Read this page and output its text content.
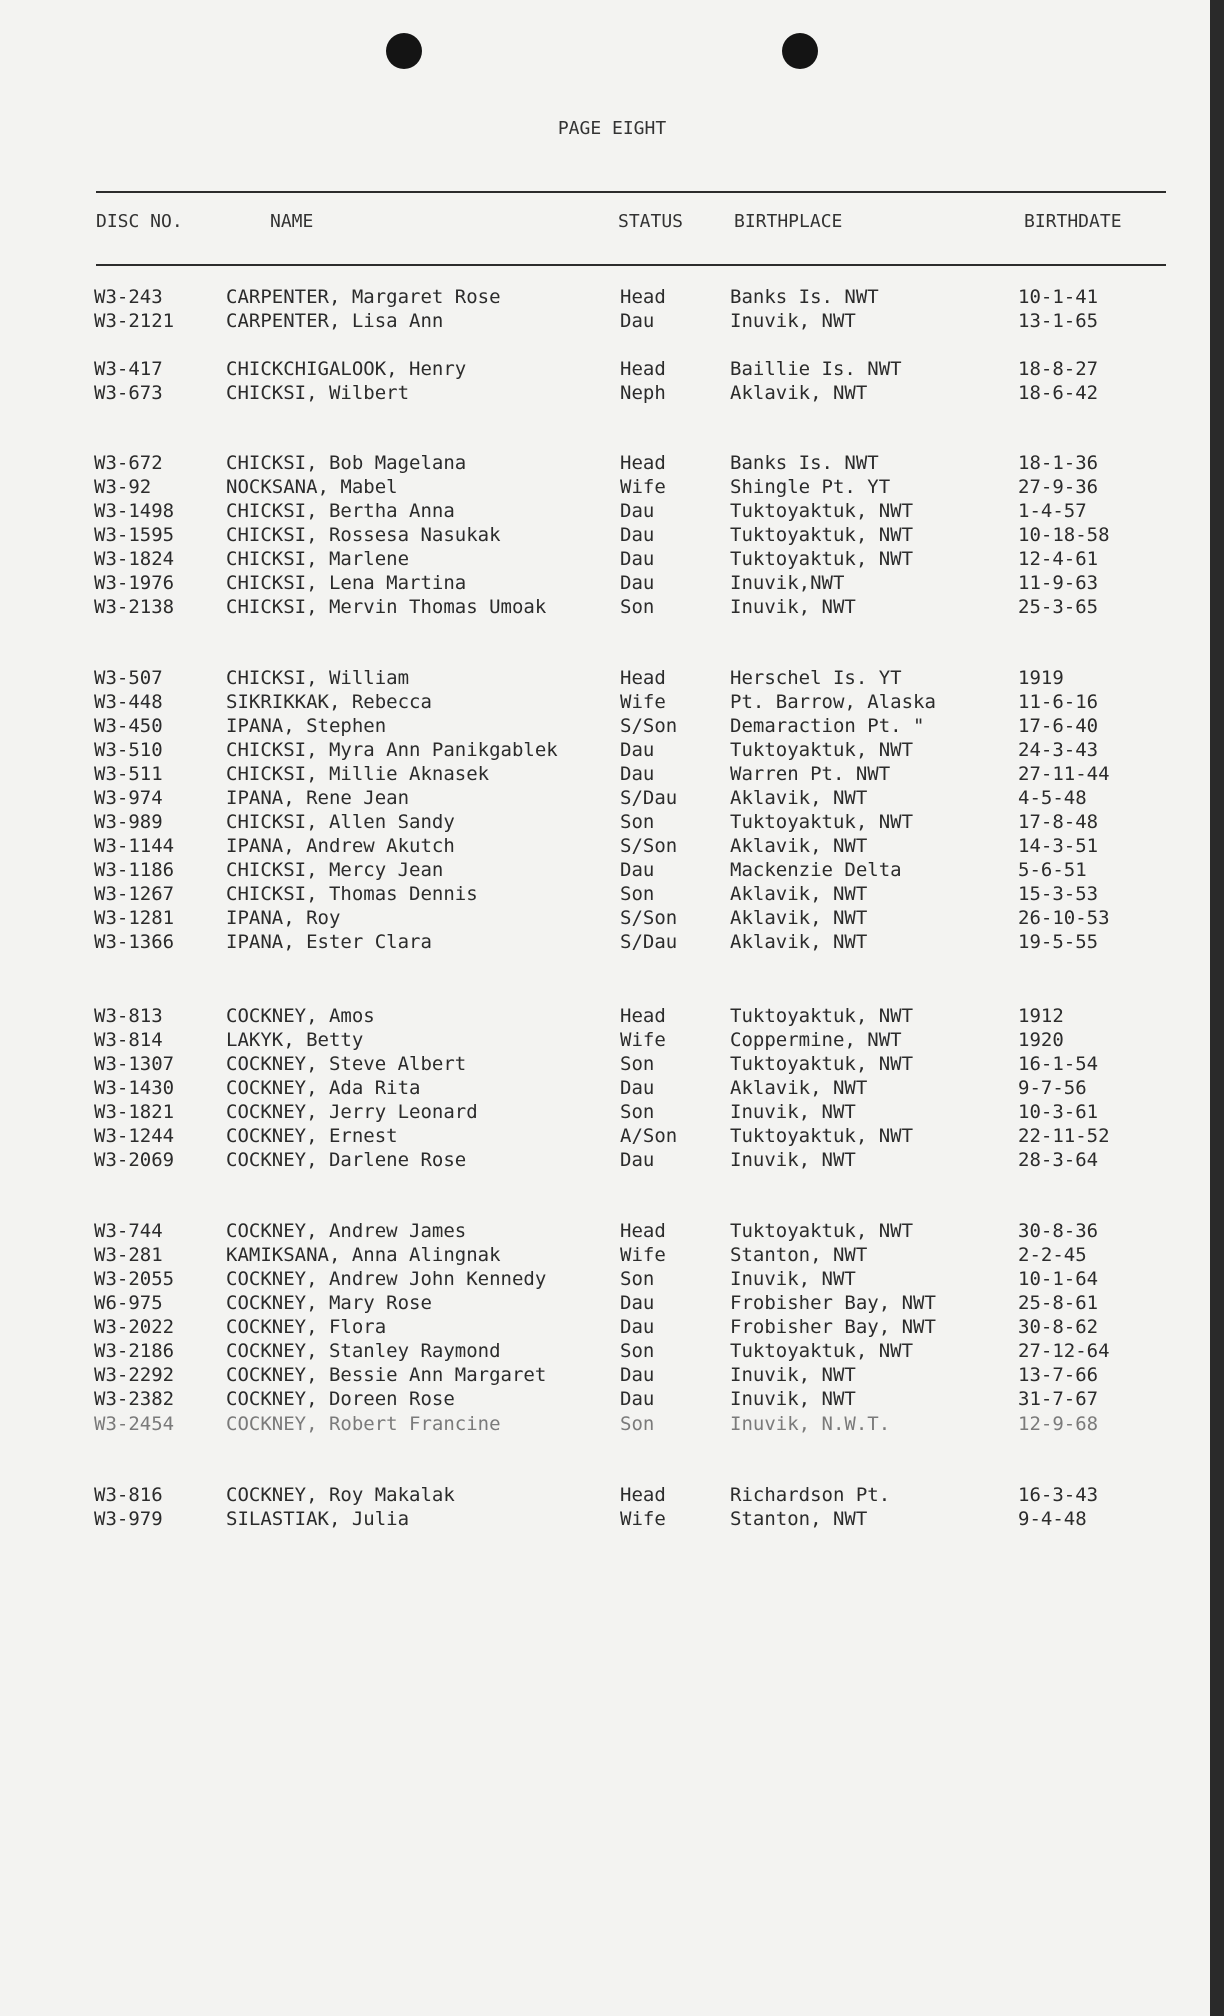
PAGE EIGHT
DISC NO.	NAME	STATUS	BIRTHPLACE	BIRTHDATE
W3-243	CARPENTER, Margaret Rose	Head	Banks Is. NWT	10-1-41
W3-2121	CARPENTER, Lisa Ann	Dau	Inuvik, NWT	13-1-65
W3-417	CHICKCHIGALOOK, Henry	Head	Baillie Is. NWT	18-8-27
W3-673	CHICKSI, Wilbert	Neph	Aklavik, NWT	18-6-42
W3-672	CHICKSI, Bob Magelana	Head	Banks Is. NWT	18-1-36
W3-92	NOCKSANA, Mabel	Wife	Shingle Pt. YT	27-9-36
W3-1498	CHICKSI, Bertha Anna	Dau	Tuktoyaktuk, NWT	1-4-57
W3-1595	CHICKSI, Rossesa Nasukak	Dau	Tuktoyaktuk, NWT	10-18-58
W3-1824	CHICKSI, Marlene	Dau	Tuktoyaktuk, NWT	12-4-61
W3-1976	CHICKSI, Lena Martina	Dau	Inuvik,NWT	11-9-63
W3-2138	CHICKSI, Mervin Thomas Umoak	Son	Inuvik, NWT	25-3-65
W3-507	CHICKSI, William	Head	Herschel Is. YT	1919
W3-448	SIKRIKKAK, Rebecca	Wife	Pt. Barrow, Alaska	11-6-16
W3-450	IPANA, Stephen	S/Son	Demaraction Pt. "	17-6-40
W3-510	CHICKSI, Myra Ann Panikgablek	Dau	Tuktoyaktuk, NWT	24-3-43
W3-511	CHICKSI, Millie Aknasek	Dau	Warren Pt. NWT	27-11-44
W3-974	IPANA, Rene Jean	S/Dau	Aklavik, NWT	4-5-48
W3-989	CHICKSI, Allen Sandy	Son	Tuktoyaktuk, NWT	17-8-48
W3-1144	IPANA, Andrew Akutch	S/Son	Aklavik, NWT	14-3-51
W3-1186	CHICKSI, Mercy Jean	Dau	Mackenzie Delta	5-6-51
W3-1267	CHICKSI, Thomas Dennis	Son	Aklavik, NWT	15-3-53
W3-1281	IPANA, Roy	S/Son	Aklavik, NWT	26-10-53
W3-1366	IPANA, Ester Clara	S/Dau	Aklavik, NWT	19-5-55
W3-813	COCKNEY, Amos	Head	Tuktoyaktuk, NWT	1912
W3-814	LAKYK, Betty	Wife	Coppermine, NWT	1920
W3-1307	COCKNEY, Steve Albert	Son	Tuktoyaktuk, NWT	16-1-54
W3-1430	COCKNEY, Ada Rita	Dau	Aklavik, NWT	9-7-56
W3-1821	COCKNEY, Jerry Leonard	Son	Inuvik, NWT	10-3-61
W3-1244	COCKNEY, Ernest	A/Son	Tuktoyaktuk, NWT	22-11-52
W3-2069	COCKNEY, Darlene Rose	Dau	Inuvik, NWT	28-3-64
W3-744	COCKNEY, Andrew James	Head	Tuktoyaktuk, NWT	30-8-36
W3-281	KAMIKSANA, Anna Alingnak	Wife	Stanton, NWT	2-2-45
W3-2055	COCKNEY, Andrew John Kennedy	Son	Inuvik, NWT	10-1-64
W6-975	COCKNEY, Mary Rose	Dau	Frobisher Bay, NWT	25-8-61
W3-2022	COCKNEY, Flora	Dau	Frobisher Bay, NWT	30-8-62
W3-2186	COCKNEY, Stanley Raymond	Son	Tuktoyaktuk, NWT	27-12-64
W3-2292	COCKNEY, Bessie Ann Margaret	Dau	Inuvik, NWT	13-7-66
W3-2382	COCKNEY, Doreen Rose	Dau	Inuvik, NWT	31-7-67
W3-2454	COCKNEY, Robert Francine	Son	Inuvik, N.W.T.	12-9-68
W3-816	COCKNEY, Roy Makalak	Head	Richardson Pt.	16-3-43
W3-979	SILASTIAK, Julia	Wife	Stanton, NWT	9-4-48
